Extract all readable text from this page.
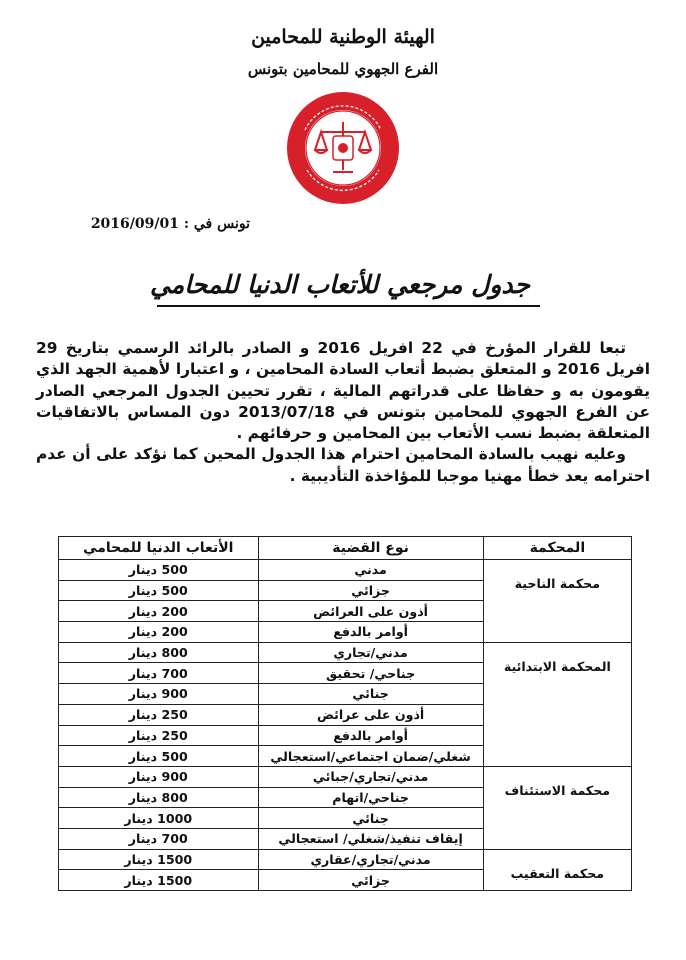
الهيئة الوطنية للمحامين
الفرع الجهوي للمحامين بتونس
تونس في : 2016/09/01
جدول مرجعي للأتعاب الدنيا للمحامي

تبعا للقرار المؤرخ في 22 افريل 2016 و الصادر بالرائد الرسمي بتاريخ 29 افريل 2016 و المتعلق بضبط أتعاب السادة المحامين ، و اعتبارا لأهمية الجهد الذي يقومون به و حفاظا على قدراتهم المالية ، تقرر تحيين الجدول المرجعي الصادر عن الفرع الجهوي للمحامين بتونس في 2013/07/18 دون المساس بالاتفاقيات المتعلقة بضبط نسب الأتعاب بين المحامين و حرفائهم .

وعليه نهيب بالسادة المحامين احترام هذا الجدول المحين كما نؤكد على أن عدم احترامه يعد خطأ مهنيا موجبا للمؤاخذة التأديبية .

المحكمة	نوع القضية	الأتعاب الدنيا للمحامي
محكمة الناحية	مدني	500 دينار
	جزائي	500 دينار
	أذون على العرائض	200 دينار
	أوامر بالدفع	200 دينار
المحكمة الابتدائية	مدني/تجاري	800 دينار
	جناحي/ تحقيق	700 دينار
	جنائي	900 دينار
	أذون على عرائض	250 دينار
	أوامر بالدفع	250 دينار
	شغلي/ضمان اجتماعي/استعجالي	500 دينار
محكمة الاستئناف	مدني/تجاري/جبائي	900 دينار
	جناحي/اتهام	800 دينار
	جنائي	1000 دينار
	إيقاف تنفيذ/شغلي/ استعجالي	700 دينار
محكمة التعقيب	مدني/تجاري/عقاري	1500 دينار
	جزائي	1500 دينار
